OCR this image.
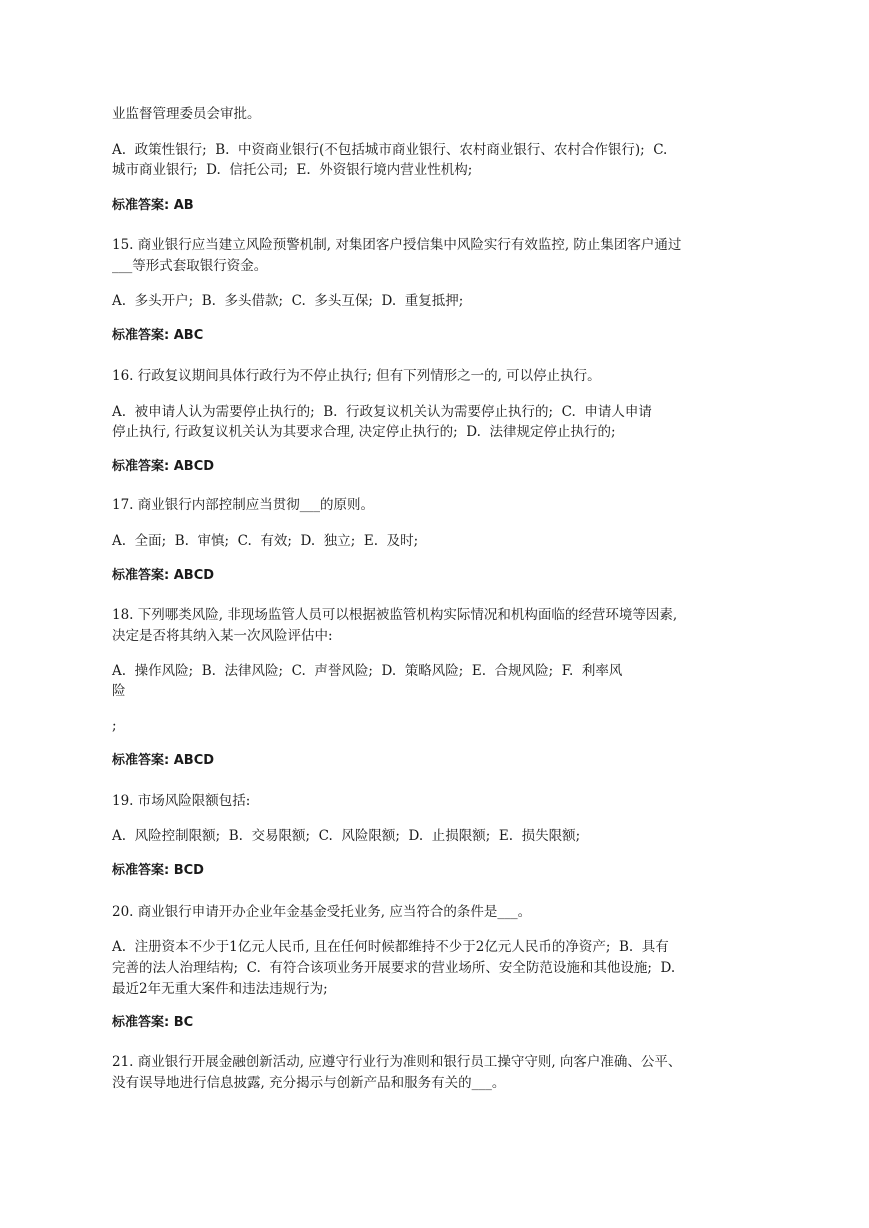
业监督管理委员会审批。
A.  政策性银行;  B.  中资商业银行(不包括城市商业银行、农村商业银行、农村合作银行);  C.
城市商业银行;  D.  信托公司;  E.  外资银行境内营业性机构;
标准答案: AB
15. 商业银行应当建立风险预警机制, 对集团客户授信集中风险实行有效监控, 防止集团客户通过
___等形式套取银行资金。
A.  多头开户;  B.  多头借款;  C.  多头互保;  D.  重复抵押;
标准答案: ABC
16. 行政复议期间具体行政行为不停止执行; 但有下列情形之一的, 可以停止执行。
A.  被申请人认为需要停止执行的;  B.  行政复议机关认为需要停止执行的;  C.  申请人申请
停止执行, 行政复议机关认为其要求合理, 决定停止执行的;  D.  法律规定停止执行的;
标准答案: ABCD
17. 商业银行内部控制应当贯彻___的原则。
A.  全面;  B.  审慎;  C.  有效;  D.  独立;  E.  及时;
标准答案: ABCD
18. 下列哪类风险, 非现场监管人员可以根据被监管机构实际情况和机构面临的经营环境等因素,
决定是否将其纳入某一次风险评估中:
A.  操作风险;  B.  法律风险;  C.  声誉风险;  D.  策略风险;  E.  合规风险;  F.  利率风
险
;
标准答案: ABCD
19. 市场风险限额包括:
A.  风险控制限额;  B.  交易限额;  C.  风险限额;  D.  止损限额;  E.  损失限额;
标准答案: BCD
20. 商业银行申请开办企业年金基金受托业务, 应当符合的条件是___。
A.  注册资本不少于1亿元人民币, 且在任何时候都维持不少于2亿元人民币的净资产;  B.  具有
完善的法人治理结构;  C.  有符合该项业务开展要求的营业场所、安全防范设施和其他设施;  D.
最近2年无重大案件和违法违规行为;
标准答案: BC
21. 商业银行开展金融创新活动, 应遵守行业行为准则和银行员工操守守则, 向客户准确、公平、
没有误导地进行信息披露, 充分揭示与创新产品和服务有关的___。
